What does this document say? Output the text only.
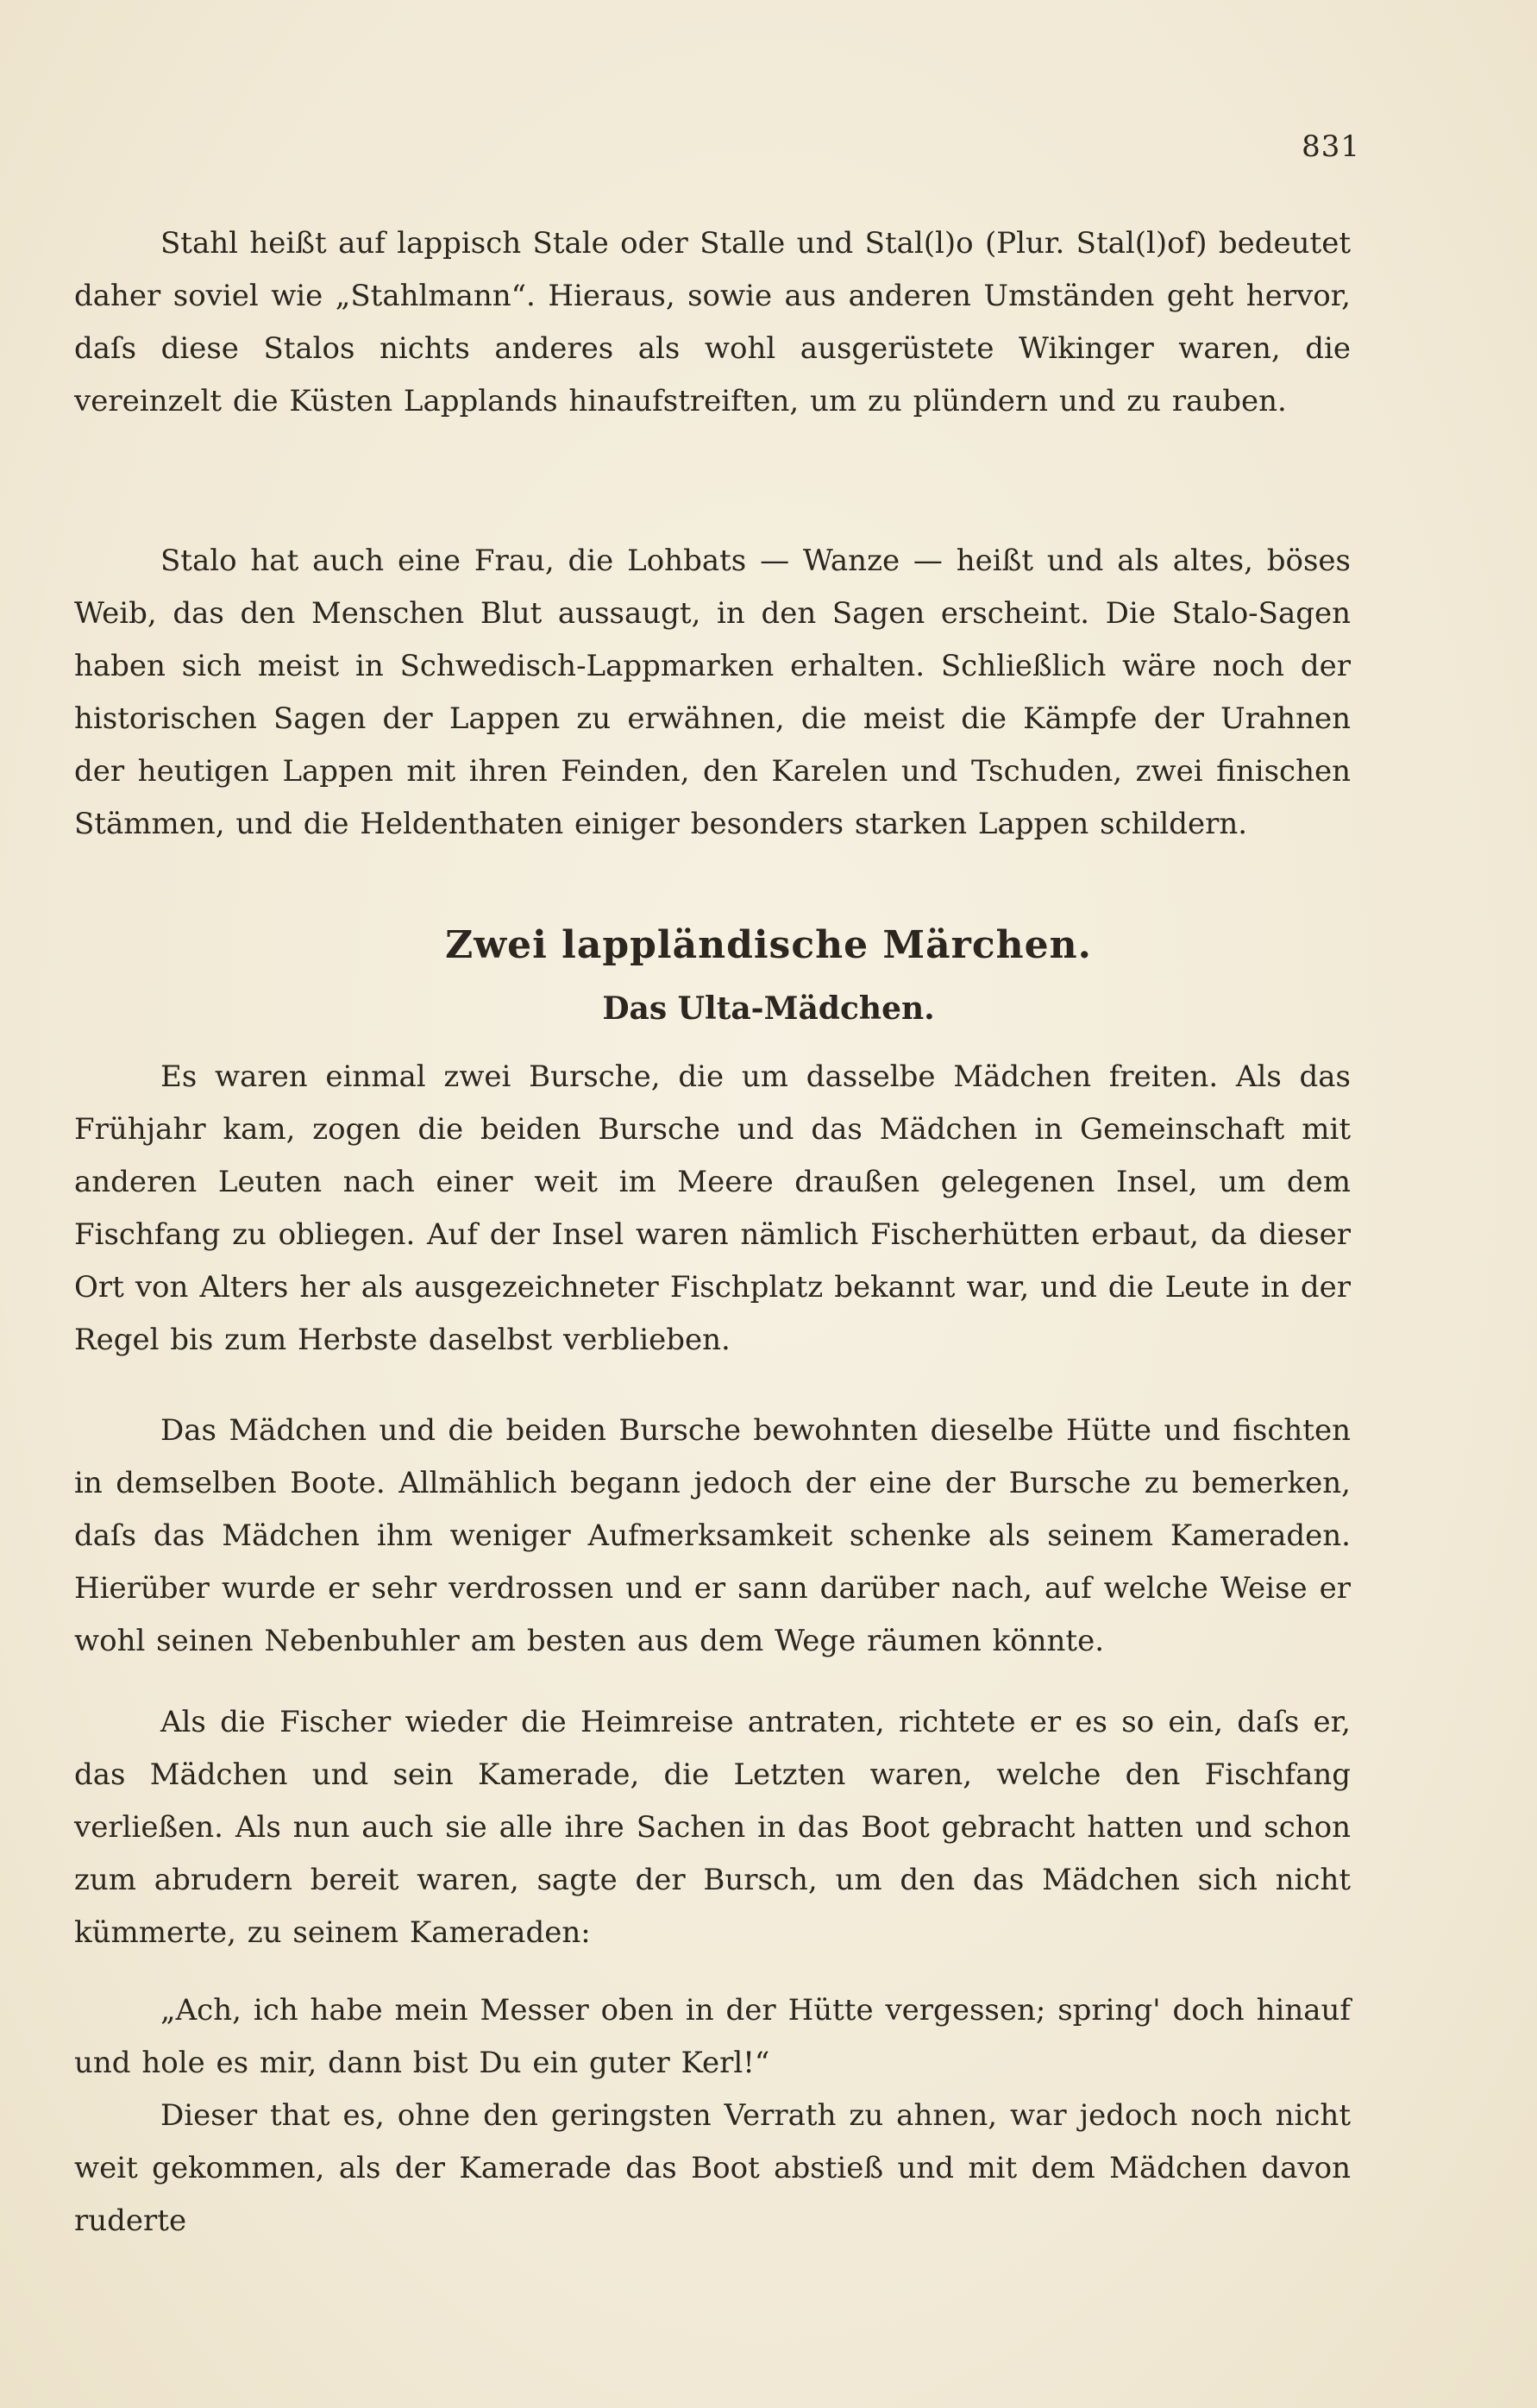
831

Stahl heißt auf lappisch Stale oder Stalle und Stal(l)o (Plur. Stal(l)of) bedeutet daher soviel wie „Stahlmann“. Hieraus, sowie aus anderen Umständen geht hervor, daſs diese Stalos nichts anderes als wohl ausgerüstete Wikinger waren, die vereinzelt die Küsten Lapplands hinaufstreiften, um zu plündern und zu rauben.

Stalo hat auch eine Frau, die Lohbats — Wanze — heißt und als altes, böses Weib, das den Menschen Blut aussaugt, in den Sagen erscheint. Die Stalo-Sagen haben sich meist in Schwedisch-Lappmarken erhalten. Schließlich wäre noch der historischen Sagen der Lappen zu erwähnen, die meist die Kämpfe der Urahnen der heutigen Lappen mit ihren Feinden, den Karelen und Tschuden, zwei finischen Stämmen, und die Heldenthaten einiger besonders starken Lappen schildern.

Zwei lappländische Märchen.
Das Ulta-Mädchen.

Es waren einmal zwei Bursche, die um dasselbe Mädchen freiten. Als das Frühjahr kam, zogen die beiden Bursche und das Mädchen in Gemeinschaft mit anderen Leuten nach einer weit im Meere draußen gelegenen Insel, um dem Fischfang zu obliegen. Auf der Insel waren nämlich Fischerhütten erbaut, da dieser Ort von Alters her als ausgezeichneter Fischplatz bekannt war, und die Leute in der Regel bis zum Herbste daselbst verblieben.

Das Mädchen und die beiden Bursche bewohnten dieselbe Hütte und fischten in demselben Boote. Allmählich begann jedoch der eine der Bursche zu bemerken, daſs das Mädchen ihm weniger Aufmerksamkeit schenke als seinem Kameraden. Hierüber wurde er sehr verdrossen und er sann darüber nach, auf welche Weise er wohl seinen Nebenbuhler am besten aus dem Wege räumen könnte.

Als die Fischer wieder die Heimreise antraten, richtete er es so ein, daſs er, das Mädchen und sein Kamerade, die Letzten waren, welche den Fischfang verließen. Als nun auch sie alle ihre Sachen in das Boot gebracht hatten und schon zum abrudern bereit waren, sagte der Bursch, um den das Mädchen sich nicht kümmerte, zu seinem Kameraden:

„Ach, ich habe mein Messer oben in der Hütte vergessen; spring' doch hinauf und hole es mir, dann bist Du ein guter Kerl!“

Dieser that es, ohne den geringsten Verrath zu ahnen, war jedoch noch nicht weit gekommen, als der Kamerade das Boot abstieß und mit dem Mädchen davon ruderte
